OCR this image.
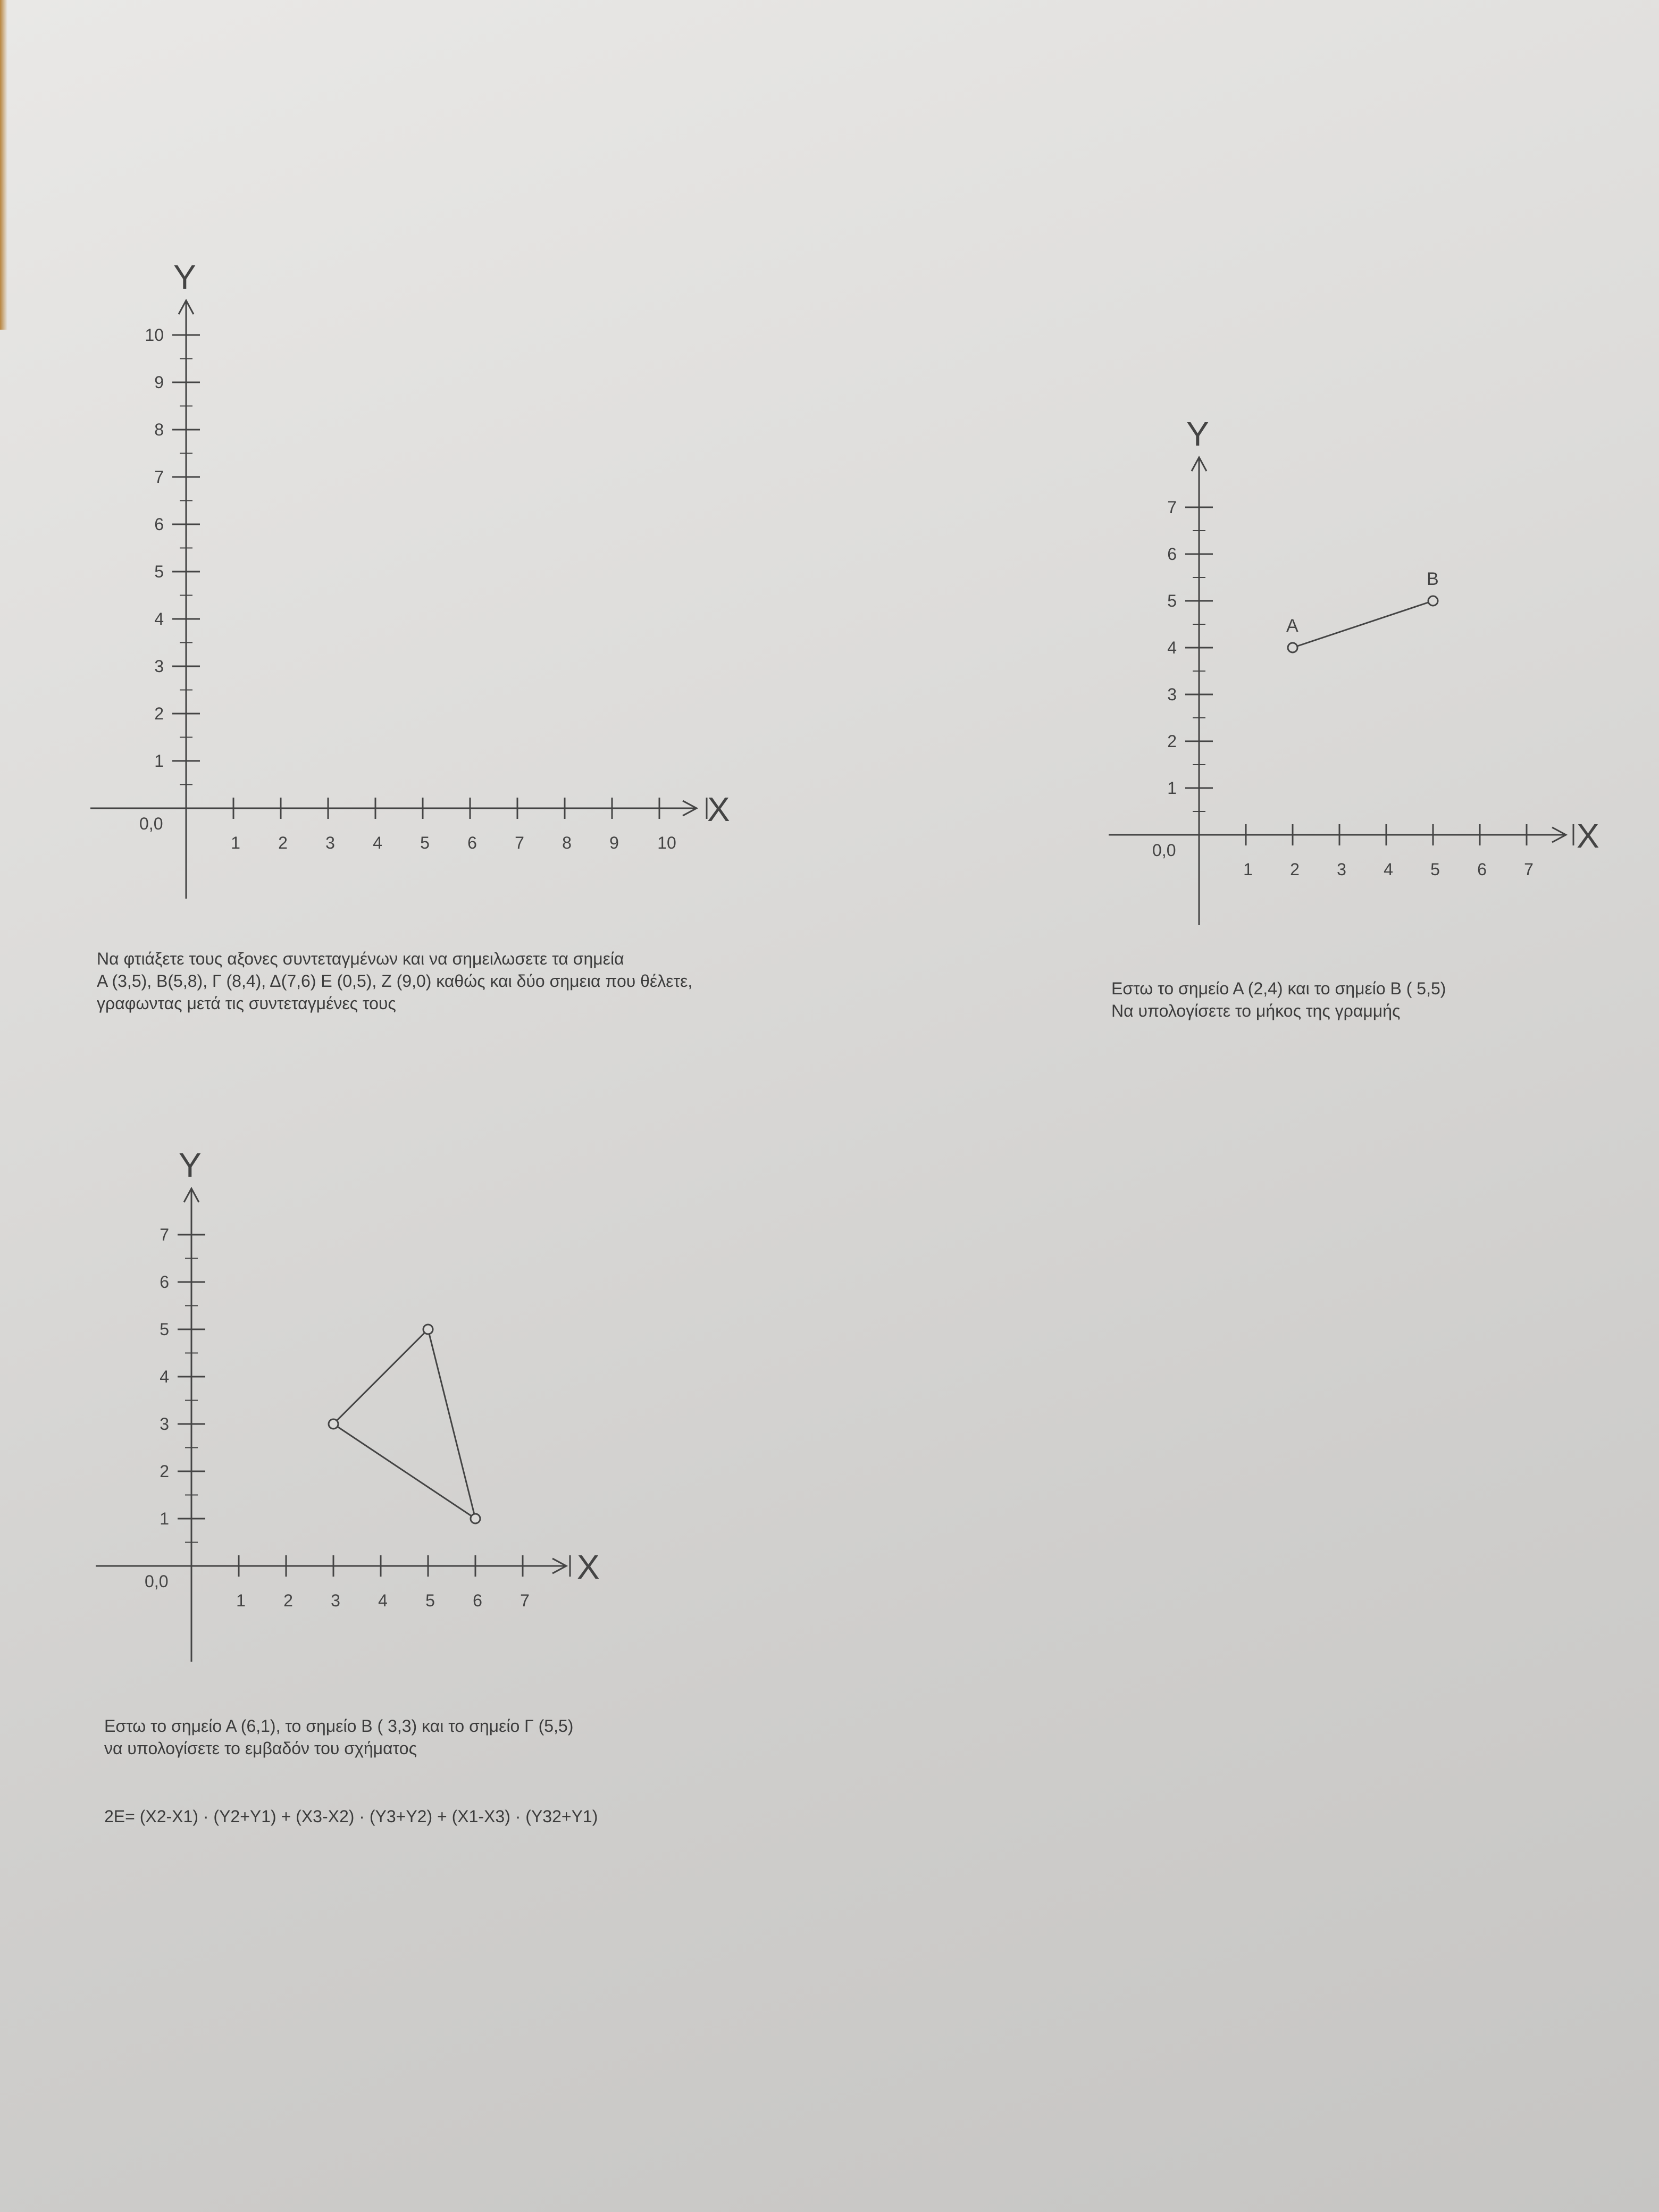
X
Y
0,0
1 2 3 4 5 6 7 8 9 10
1
2
3
4
5
6
7
8
9
10
X
Y
0,0
1 2 3 4 5 6 7
1
2
3
4
5
6
7
A
B
X
Y
0,0
1 2 3 4 5 6 7
1
2
3
4
5
6
7

Να φτιάξετε τους αξονες συντεταγμένων και να σημειλωσετε τα σημεία

A (3,5), B(5,8), Γ (8,4), Δ(7,6) Ε (0,5), Ζ (9,0) καθώς και δύο σημεια που θέλετε,

γραφωντας μετά τις συντεταγμένες τους

Εστω το σημείο Α (2,4) και το σημείο Β ( 5,5)

Να υπολογίσετε το μήκος της γραμμής

Εστω το σημείο Α (6,1), το σημείο Β ( 3,3) και το σημείο Γ (5,5)

να υπολογίσετε το εμβαδόν του σχήματος

2Ε= (Χ2-Χ1) · (Υ2+Υ1) + (Χ3-Χ2) · (Υ3+Υ2) + (Χ1-Χ3) · (Υ32+Υ1)
